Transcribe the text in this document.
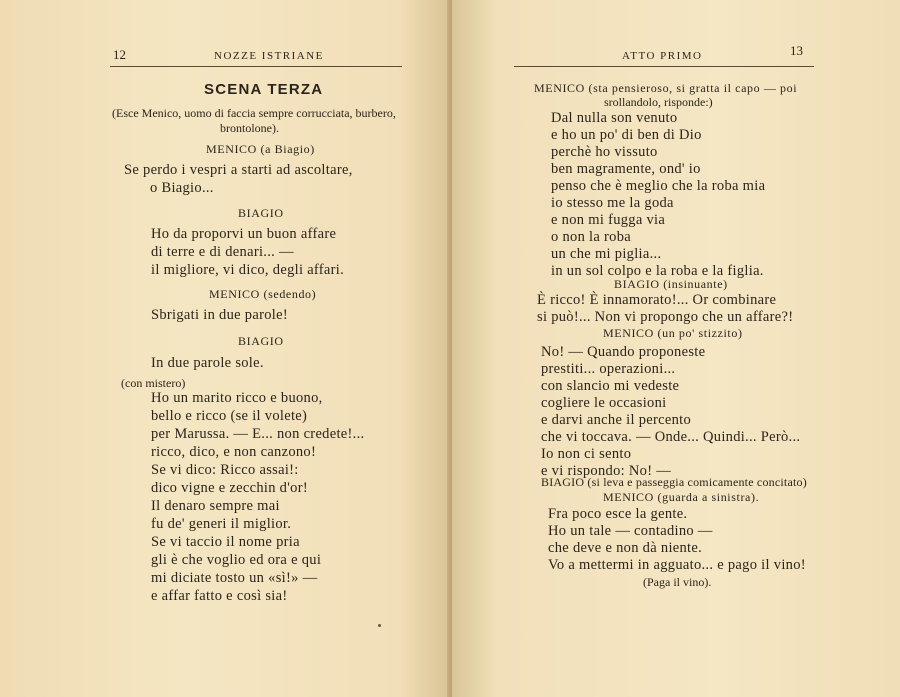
12	NOZZE ISTRIANE
SCENA TERZA
(Esce Menico, uomo di faccia sempre corrucciata, burbero,
brontolone).
MENICO (a Biagio)
Se perdo i vespri a starti ad ascoltare,
o Biagio...
BIAGIO
Ho da proporvi un buon affare
di terre e di denari... —
il migliore, vi dico, degli affari.
MENICO (sedendo)
Sbrigati in due parole!
BIAGIO
In due parole sole.
(con mistero)
Ho un marito ricco e buono,
bello e ricco (se il volete)
per Marussa. — E... non credete!...
ricco, dico, e non canzono!
Se vi dico: Ricco assai!:
dico vigne e zecchin d'or!
Il denaro sempre mai
fu de' generi il miglior.
Se vi taccio il nome pria
gli è che voglio ed ora e qui
mi diciate tosto un «sì!» —
e affar fatto e così sia!
ATTO PRIMO	13
MENICO (sta pensieroso, si gratta il capo — poi
srollandolo, risponde:)
Dal nulla son venuto
e ho un po' di ben di Dio
perchè ho vissuto
ben magramente, ond' io
penso che è meglio che la roba mia
io stesso me la goda
e non mi fugga via
o non la roba
un che mi piglia...
in un sol colpo e la roba e la figlia.
BIAGIO (insinuante)
È ricco! È innamorato!... Or combinare
si può!... Non vi propongo che un affare?!
MENICO (un po' stizzito)
No! — Quando proponeste
prestiti... operazioni...
con slancio mi vedeste
cogliere le occasioni
e darvi anche il percento
che vi toccava. — Onde... Quindi... Però...
Io non ci sento
e vi rispondo: No! —
BIAGIO (si leva e passeggia comicamente concitato)
MENICO (guarda a sinistra).
Fra poco esce la gente.
Ho un tale — contadino —
che deve e non dà niente.
Vo a mettermi in agguato... e pago il vino!
(Paga il vino).
